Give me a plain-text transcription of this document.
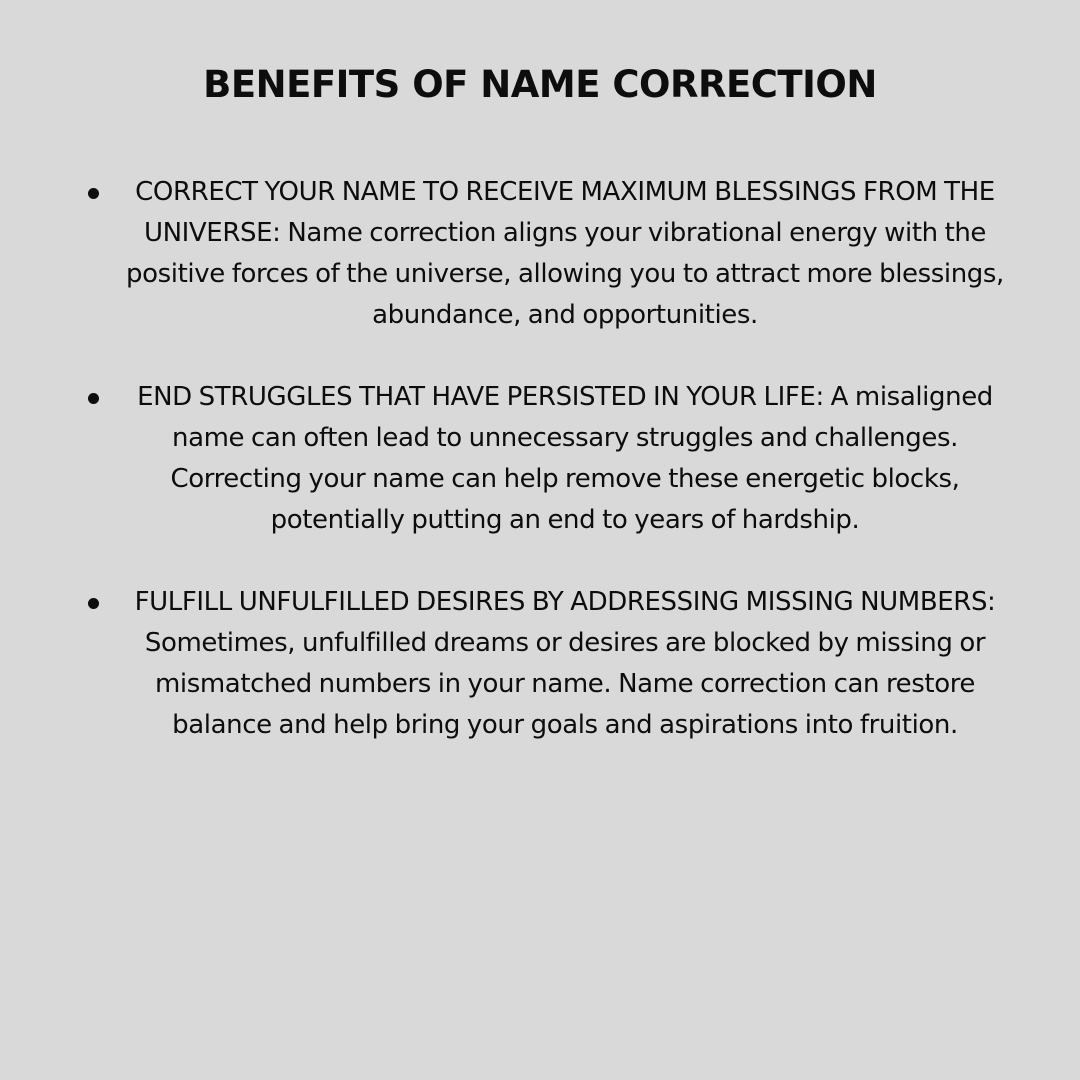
BENEFITS OF NAME CORRECTION
CORRECT YOUR NAME TO RECEIVE MAXIMUM BLESSINGS FROM THE UNIVERSE: Name correction aligns your vibrational energy with the positive forces of the universe, allowing you to attract more blessings, abundance, and opportunities.
END STRUGGLES THAT HAVE PERSISTED IN YOUR LIFE: A misaligned name can often lead to unnecessary struggles and challenges. Correcting your name can help remove these energetic blocks, potentially putting an end to years of hardship.
FULFILL UNFULFILLED DESIRES BY ADDRESSING MISSING NUMBERS: Sometimes, unfulfilled dreams or desires are blocked by missing or mismatched numbers in your name. Name correction can restore balance and help bring your goals and aspirations into fruition.
